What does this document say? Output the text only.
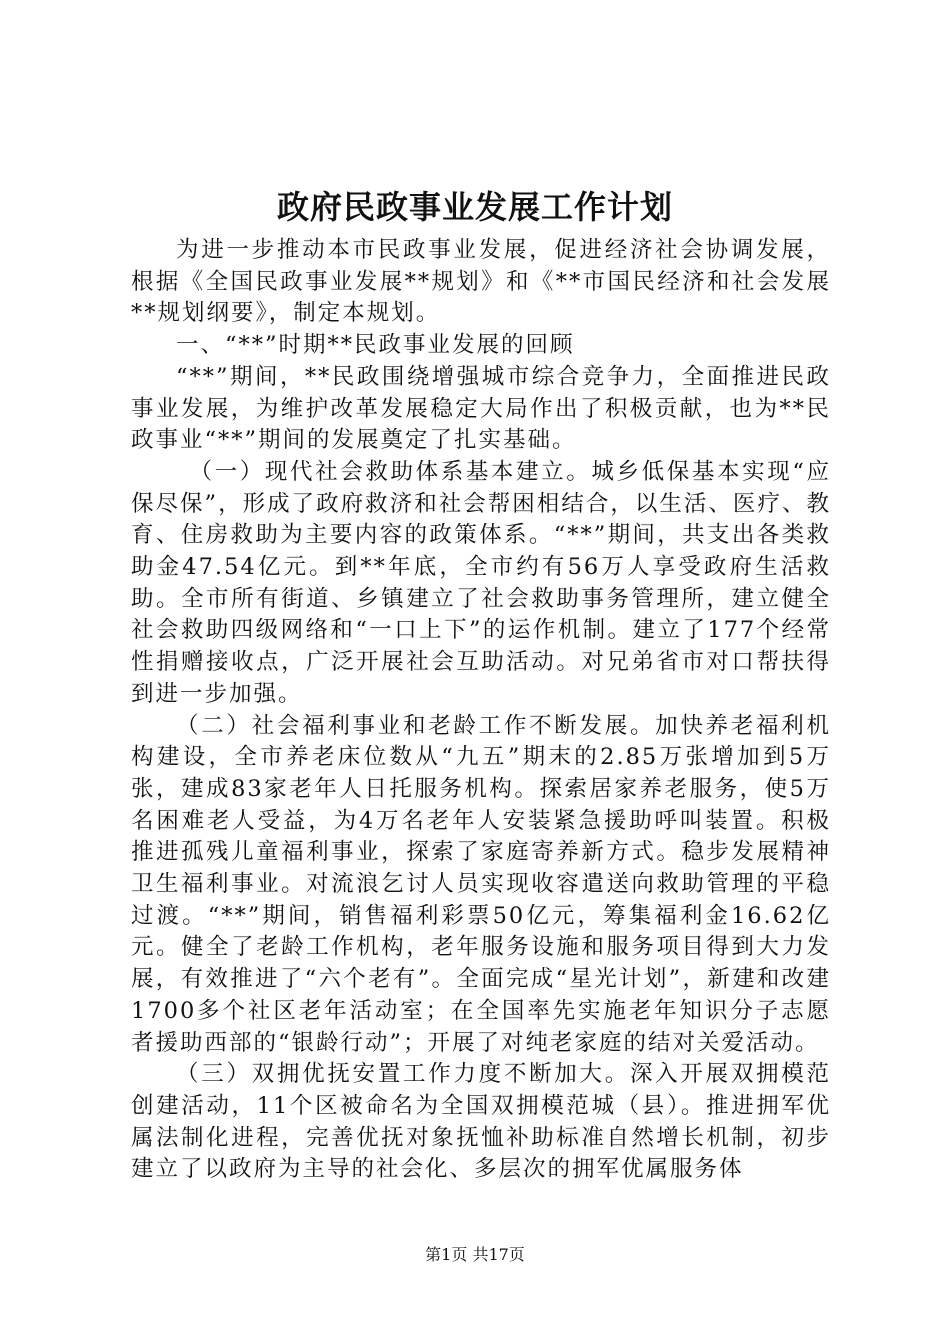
政府民政事业发展工作计划

为进一步推动本市民政事业发展，促进经济社会协调发展，根据《全国民政事业发展**规划》和《**市国民经济和社会发展**规划纲要》，制定本规划。

一、“**”时期**民政事业发展的回顾

“**”期间，**民政围绕增强城市综合竞争力，全面推进民政事业发展，为维护改革发展稳定大局作出了积极贡献，也为**民政事业“**”期间的发展奠定了扎实基础。

（一）现代社会救助体系基本建立。城乡低保基本实现“应保尽保”，形成了政府救济和社会帮困相结合，以生活、医疗、教育、住房救助为主要内容的政策体系。“**”期间，共支出各类救助金47.54亿元。到**年底，全市约有56万人享受政府生活救助。全市所有街道、乡镇建立了社会救助事务管理所，建立健全社会救助四级网络和“一口上下”的运作机制。建立了177个经常性捐赠接收点，广泛开展社会互助活动。对兄弟省市对口帮扶得到进一步加强。

（二）社会福利事业和老龄工作不断发展。加快养老福利机构建设，全市养老床位数从“九五”期末的2.85万张增加到5万张，建成83家老年人日托服务机构。探索居家养老服务，使5万名困难老人受益，为4万名老年人安装紧急援助呼叫装置。积极推进孤残儿童福利事业，探索了家庭寄养新方式。稳步发展精神卫生福利事业。对流浪乞讨人员实现收容遣送向救助管理的平稳过渡。“**”期间，销售福利彩票50亿元，筹集福利金16.62亿元。健全了老龄工作机构，老年服务设施和服务项目得到大力发展，有效推进了“六个老有”。全面完成“星光计划”，新建和改建1700多个社区老年活动室；在全国率先实施老年知识分子志愿者援助西部的“银龄行动”；开展了对纯老家庭的结对关爱活动。

（三）双拥优抚安置工作力度不断加大。深入开展双拥模范创建活动，11个区被命名为全国双拥模范城（县）。推进拥军优属法制化进程，完善优抚对象抚恤补助标准自然增长机制，初步建立了以政府为主导的社会化、多层次的拥军优属服务体

第1页 共17页
